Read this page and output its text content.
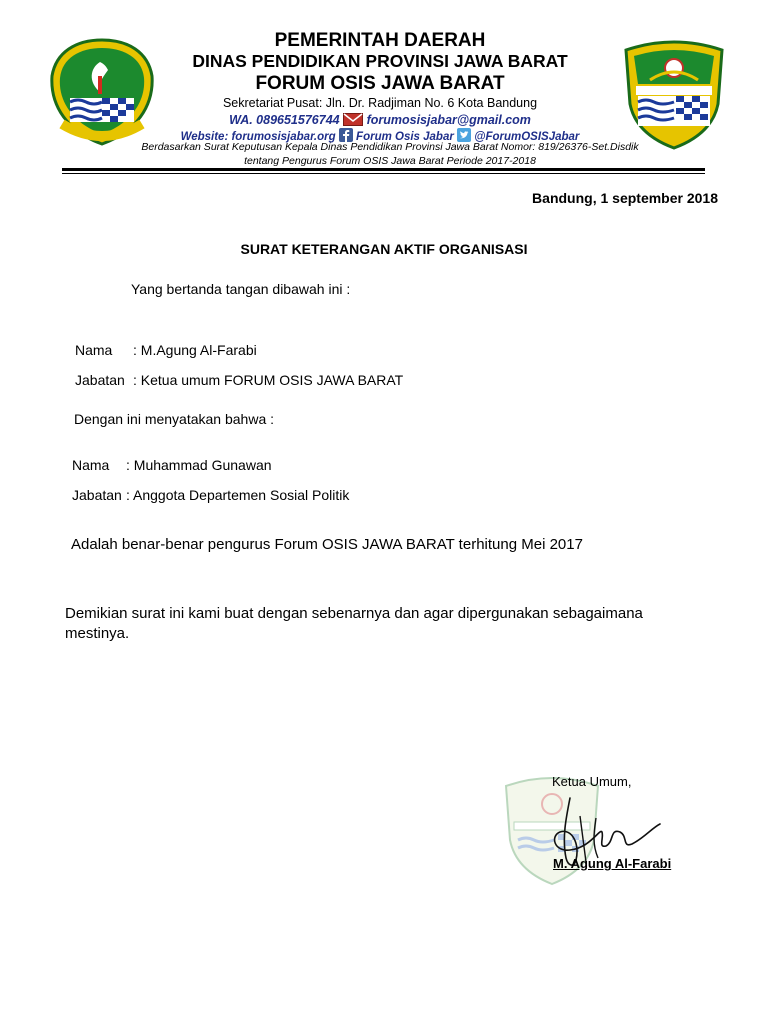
PEMERINTAH DAERAH
DINAS PENDIDIKAN PROVINSI JAWA BARAT
FORUM OSIS JAWA BARAT
Sekretariat Pusat: Jln. Dr. Radjiman No. 6 Kota Bandung
WA. 089651576744 forumosisjabar@gmail.com
Website: forumosisjabar.org Forum Osis Jabar @ForumOSISJabar
Berdasarkan Surat Keputusan Kepala Dinas Pendidikan Provinsi Jawa Barat Nomor: 819/26376-Set.Disdik
tentang Pengurus Forum OSIS Jawa Barat Periode 2017-2018
Bandung, 1 september 2018
SURAT KETERANGAN AKTIF ORGANISASI
Yang bertanda tangan dibawah ini :
Nama : M.Agung Al-Farabi
Jabatan : Ketua umum FORUM OSIS JAWA BARAT
Dengan ini menyatakan bahwa :
Nama : Muhammad Gunawan
Jabatan : Anggota Departemen Sosial Politik
Adalah benar-benar pengurus Forum OSIS JAWA BARAT terhitung Mei 2017
Demikian surat ini kami buat dengan sebenarnya dan agar dipergunakan sebagaimana
mestinya.
Ketua Umum,
M. Agung Al-Farabi
